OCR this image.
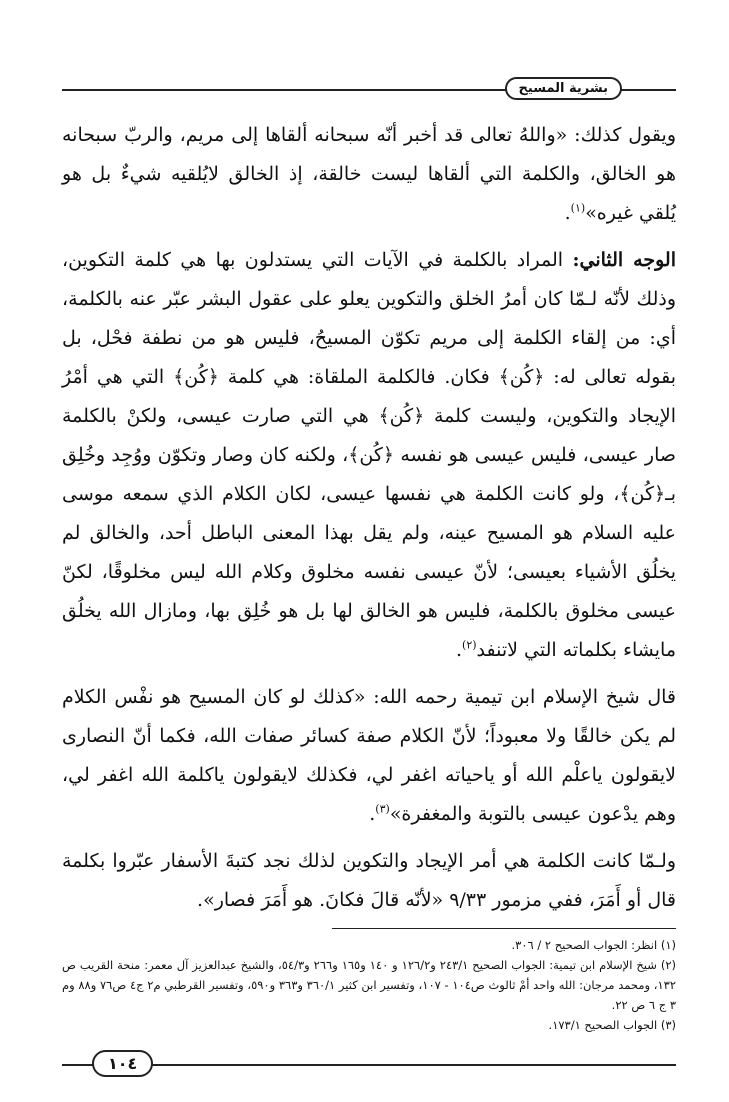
بشرية المسيح

ويقول كذلك: «واللهُ تعالى قد أخبر أنّه سبحانه ألقاها إلى مريم، والربّ سبحانه هو الخالق، والكلمة التي ألقاها ليست خالقة، إذ الخالق لايُلقيه شيءٌ بل هو يُلقي غيره»$^{(١)}$.

الوجه الثاني: المراد بالكلمة في الآيات التي يستدلون بها هي كلمة التكوين، وذلك لأنّه لـمّا كان أمرُ الخلق والتكوين يعلو على عقول البشر عبّر عنه بالكلمة، أي: من إلقاء الكلمة إلى مريم تكوّن المسيحُ، فليس هو من نطفة فحْل، بل بقوله تعالى له: ﴿كُن﴾ فكان. فالكلمة الملقاة: هي كلمة ﴿كُن﴾ التي هي أمْرُ الإيجاد والتكوين، وليست كلمة ﴿كُن﴾ هي التي صارت عيسى، ولكنْ بالكلمة صار عيسى، فليس عيسى هو نفسه ﴿كُن﴾، ولكنه كان وصار وتكوّن ووُجِد وخُلِق بـ﴿كُن﴾، ولو كانت الكلمة هي نفسها عيسى، لكان الكلام الذي سمعه موسى عليه السلام هو المسيح عينه، ولم يقل بهذا المعنى الباطل أحد، والخالق لم يخلُق الأشياء بعيسى؛ لأنّ عيسى نفسه مخلوق وكلام الله ليس مخلوقًا، لكنّ عيسى مخلوق بالكلمة، فليس هو الخالق لها بل هو خُلِق بها، ومازال الله يخلُق مايشاء بكلماته التي لاتنفد$^{(٢)}$.

قال شيخ الإسلام ابن تيمية رحمه الله: «كذلك لو كان المسيح هو نفْس الكلام لم يكن خالقًا ولا معبوداً؛ لأنّ الكلام صفة كسائر صفات الله، فكما أنّ النصارى لايقولون ياعلْم الله أو ياحياته اغفر لي، فكذلك لايقولون ياكلمة الله اغفر لي، وهم يدْعون عيسى بالتوبة والمغفرة»$^{(٣)}$.

ولـمّا كانت الكلمة هي أمر الإيجاد والتكوين لذلك نجد كتبةَ الأسفار عبّروا بكلمة قال أو أَمَرَ، ففي مزمور ٩/٣٣ «لأنّه قالَ فكانَ. هو أَمَرَ فصار».

(١) انظر: الجواب الصحيح ٢ / ٣٠٦.

(٢) شيخ الإسلام ابن تيمية: الجواب الصحيح ٢٤٣/١ و١٢٦/٢ و ١٤٠ و١٦٥ و٢٦٦ و٥٤/٣، والشيخ عبدالعزيز آل معمر: منحة القريب ص ١٣٢، ومحمد مرجان: الله واحد أمْ ثالوث ص١٠٤ - ١٠٧، وتفسير ابن كثير ٣٦٠/١ و٣٦٣ و٥٩٠، وتفسير القرطبي م٢ ج٤ ص٧٦ و٨٨ وم ٣ ج ٦ ص ٢٢.

(٣) الجواب الصحيح ١٧٣/١.

١٠٤
